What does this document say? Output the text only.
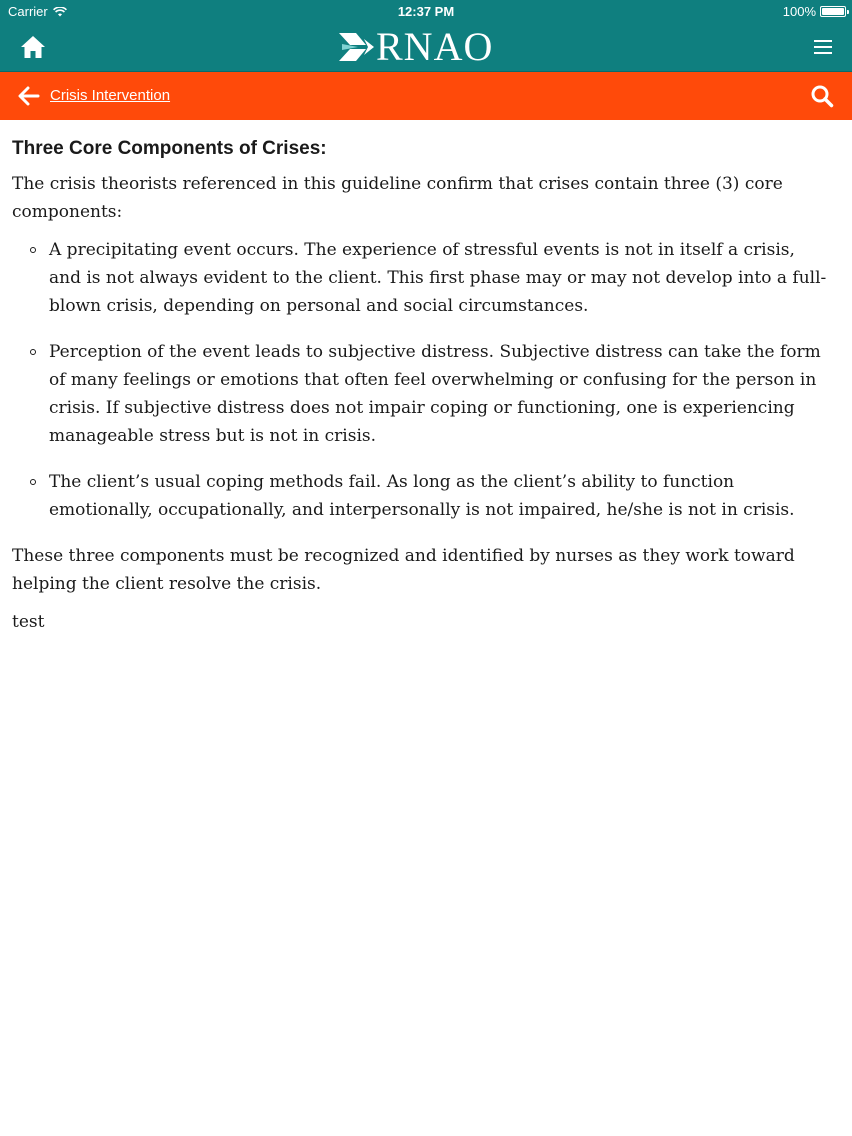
Carrier	12:37 PM	100%
RNAO
Crisis Intervention
Three Core Components of Crises:

The crisis theorists referenced in this guideline confirm that crises contain three (3) core components:

A precipitating event occurs. The experience of stressful events is not in itself a crisis, and is not always evident to the client. This first phase may or may not develop into a full-blown crisis, depending on personal and social circumstances.
Perception of the event leads to subjective distress. Subjective distress can take the form of many feelings or emotions that often feel overwhelming or confusing for the person in crisis. If subjective distress does not impair coping or functioning, one is experiencing manageable stress but is not in crisis.
The client’s usual coping methods fail. As long as the client’s ability to function emotionally, occupationally, and interpersonally is not impaired, he/she is not in crisis.

These three components must be recognized and identified by nurses as they work toward helping the client resolve the crisis.

test
